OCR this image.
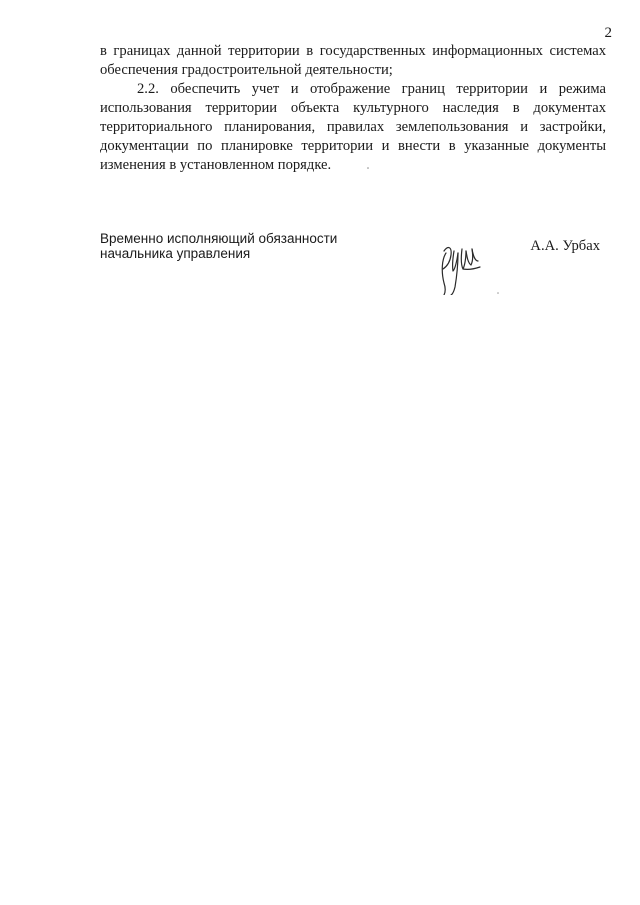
2

в границах данной территории в государственных информационных системах обеспечения градостроительной деятельности;

2.2. обеспечить учет и отображение границ территории и режима использования территории объекта культурного наследия в документах территориального планирования, правилах землепользования и застройки, документации по планировке территории и внести в указанные документы изменения в установленном порядке.

Временно исполняющий обязанности
начальника управления	А.А. Урбах
